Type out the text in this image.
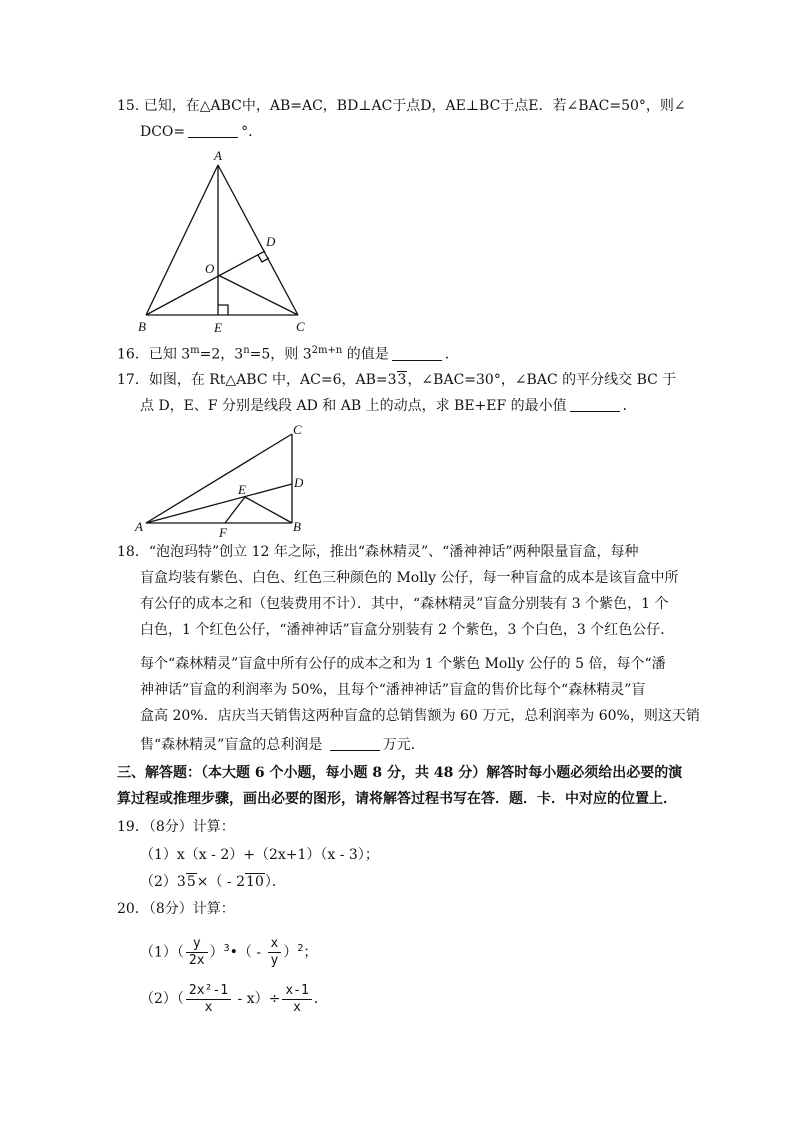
15. 已知，在△ABC中，AB=AC，BD⊥AC于点D，AE⊥BC于点E．若∠BAC=50°，则∠
DCO=	°．
A
B	C
D
E
O
16．已知 $3^m=2$，$3^n=5$，则 $3^{2m+n}$ 的值是	．
17．如图，在 Rt△ABC 中，AC=6，AB=33，∠BAC=30°，∠BAC 的平分线交 BC 于
点 D，E、F 分别是线段 AD 和 AB 上的动点，求 BE+EF 的最小值	．
A	B
C
D
E
F
18．“泡泡玛特”创立 12 年之际，推出“森林精灵”、“潘神神话”两种限量盲盒，每种
盲盒均装有紫色、白色、红色三种颜色的 Molly 公仔，每一种盲盒的成本是该盲盒中所
有公仔的成本之和（包装费用不计）．其中，“森林精灵”盲盒分别装有 3 个紫色，1 个
白色，1 个红色公仔，“潘神神话”盲盒分别装有 2 个紫色，3 个白色，3 个红色公仔．
每个“森林精灵”盲盒中所有公仔的成本之和为 1 个紫色 Molly 公仔的 5 倍，每个“潘
神神话”盲盒的利润率为 50%，且每个“潘神神话”盲盒的售价比每个“森林精灵”盲
盒高 20%．店庆当天销售这两种盲盒的总销售额为 60 万元，总利润率为 60%，则这天销
售“森林精灵”盲盒的总利润是	万元．
三、解答题：（本大题 6 个小题，每小题 8 分，共 48 分）解答时每小题必须给出必要的演
算过程或推理步骤，画出必要的图形，请将解答过程书写在答．题．卡．中对应的位置上．
19．（8分）计算：
（1）x（x - 2）+（2x+1）（x - 3）；
（2）35×（ - 210）．
20．（8分）计算：
$(1)( \frac{y}{2x}$ ）$^3•( - \frac{x}{y} )^2$；
$(2)( \frac{\text{2x²-1}}{x} - x)\div \frac{x-1}{x}$ ．
